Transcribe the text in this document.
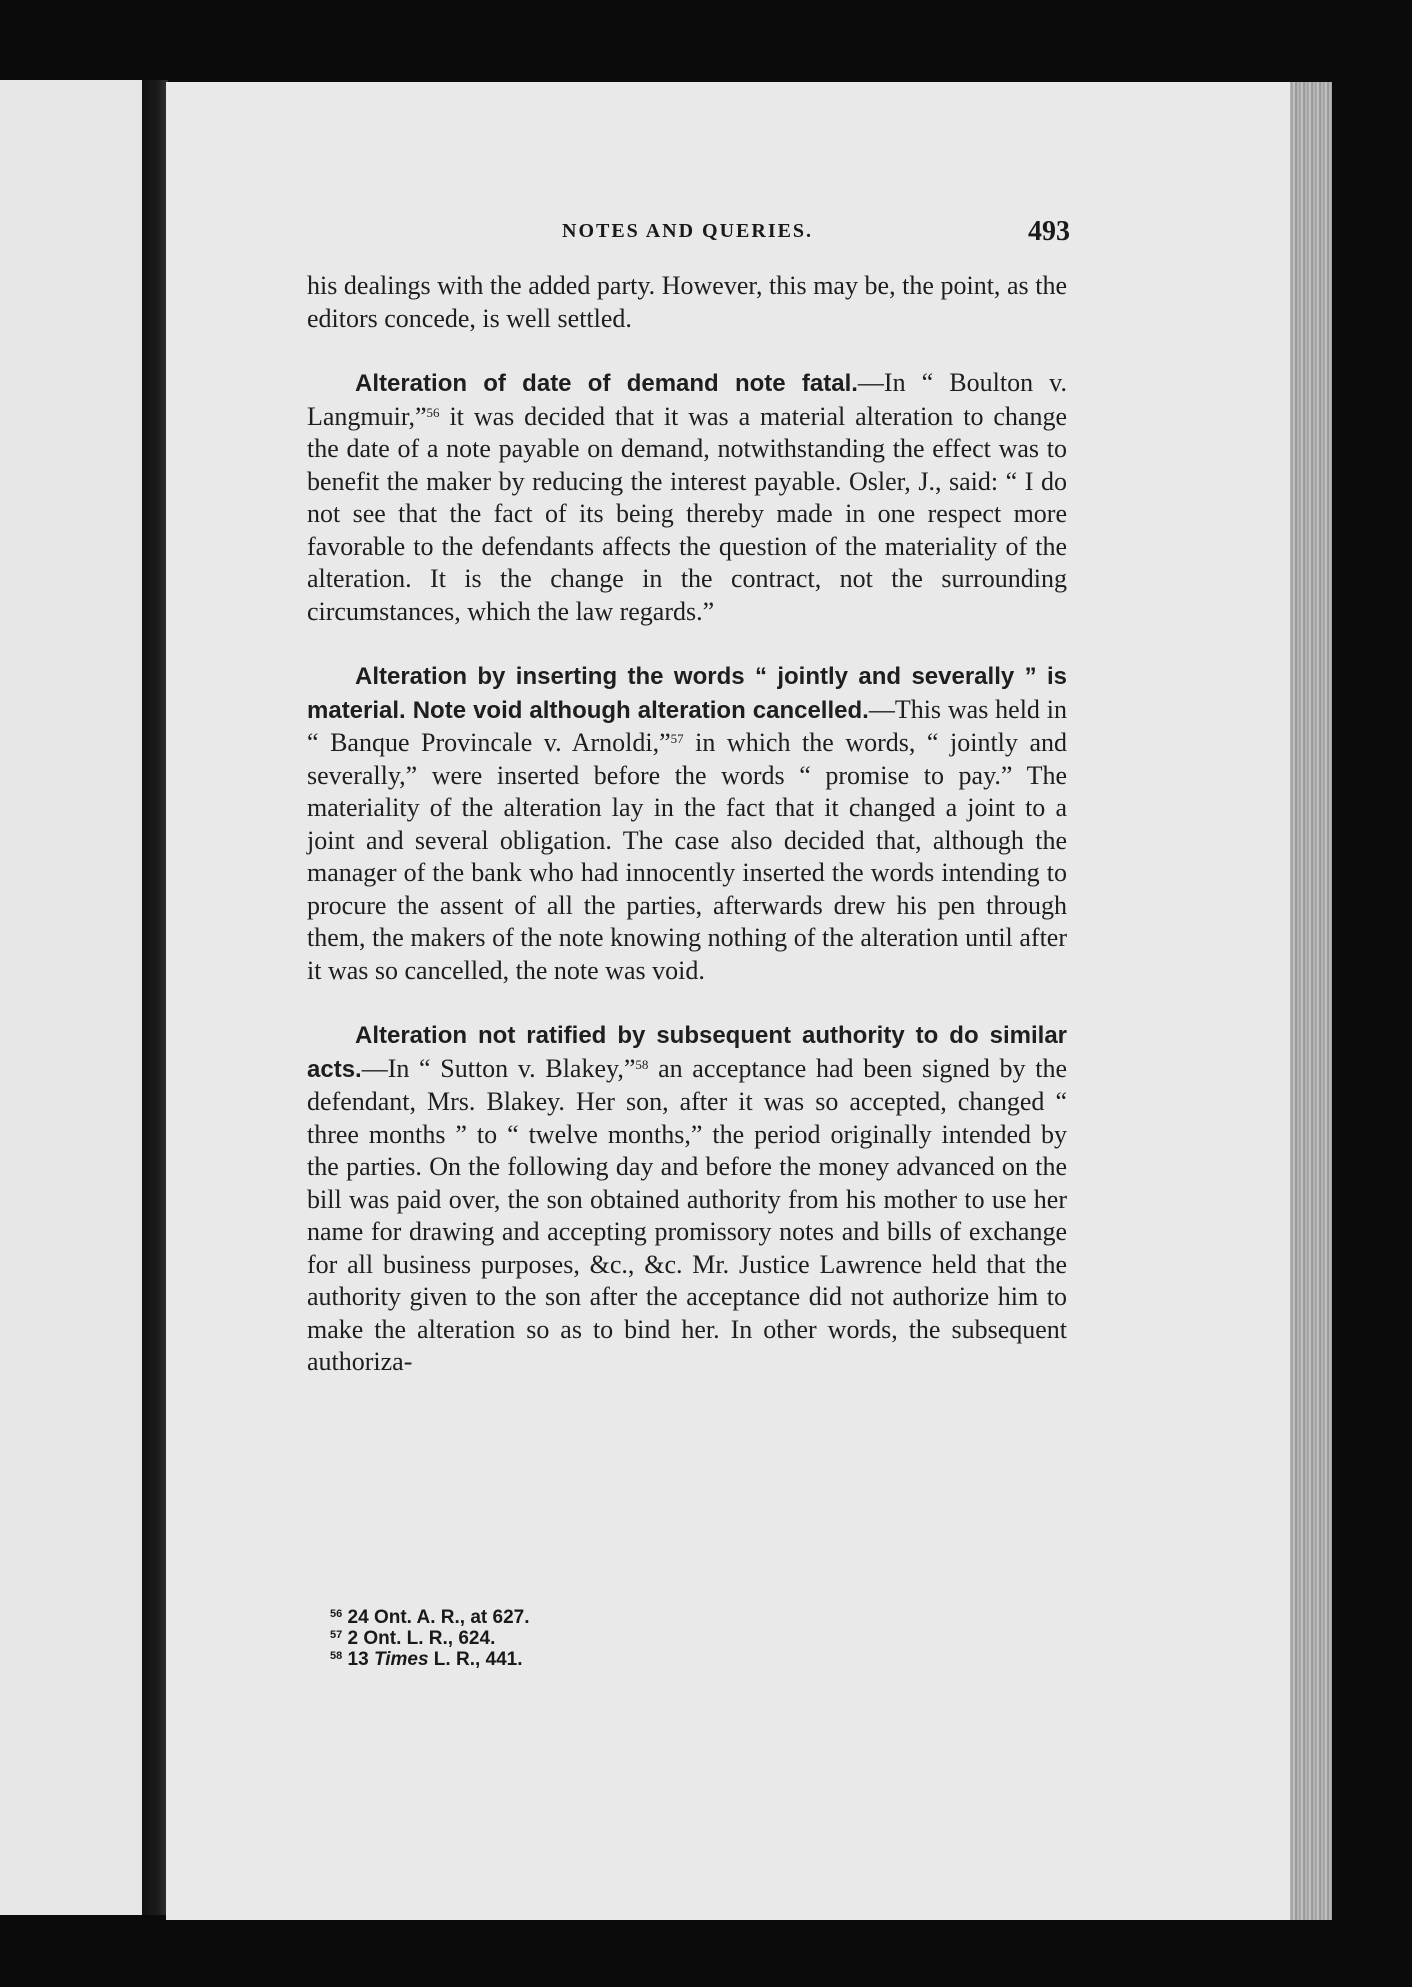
NOTES AND QUERIES.	493

his dealings with the added party. However, this may be, the point, as the editors concede, is well settled.

Alteration of date of demand note fatal.—In “ Boulton v. Langmuir,”$^{56}$ it was decided that it was a material alteration to change the date of a note payable on demand, notwithstanding the effect was to benefit the maker by reducing the interest payable. Osler, J., said: “ I do not see that the fact of its being thereby made in one respect more favorable to the defendants affects the question of the materiality of the alteration. It is the change in the contract, not the surrounding circumstances, which the law regards.”

Alteration by inserting the words “ jointly and severally ” is material. Note void although alteration cancelled.—This was held in “ Banque Provincale v. Arnoldi,”$^{57}$ in which the words, “ jointly and severally,” were inserted before the words “ promise to pay.” The materiality of the alteration lay in the fact that it changed a joint to a joint and several obligation. The case also decided that, although the manager of the bank who had innocently inserted the words intending to procure the assent of all the parties, afterwards drew his pen through them, the makers of the note knowing nothing of the alteration until after it was so cancelled, the note was void.

Alteration not ratified by subsequent authority to do similar acts.—In “ Sutton v. Blakey,”$^{58}$ an acceptance had been signed by the defendant, Mrs. Blakey. Her son, after it was so accepted, changed “ three months ” to “ twelve months,” the period originally intended by the parties. On the following day and before the money advanced on the bill was paid over, the son obtained authority from his mother to use her name for drawing and accepting promissory notes and bills of exchange for all business purposes, &c., &c. Mr. Justice Lawrence held that the authority given to the son after the acceptance did not authorize him to make the alteration so as to bind her. In other words, the subsequent authoriza-

$^{56}$ 24 Ont. A. R., at 627.
$^{57}$ 2 Ont. L. R., 624.
$^{58}$ 13 Times L. R., 441.
